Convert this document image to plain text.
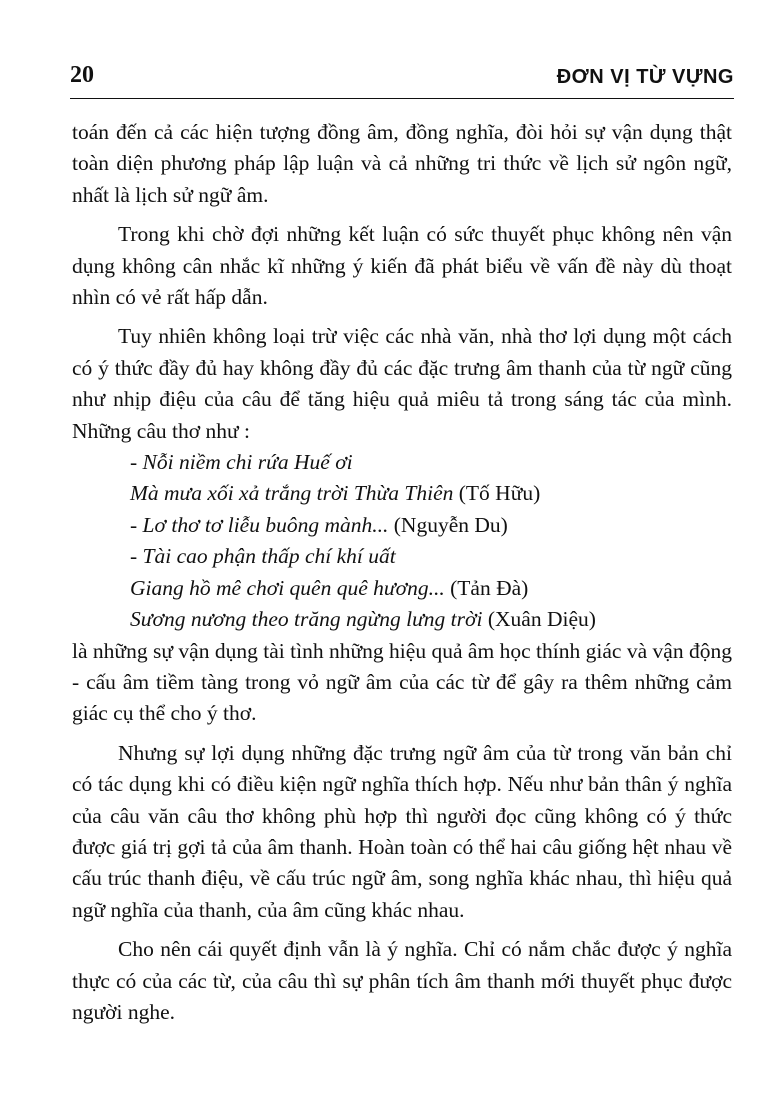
20	ĐƠN VỊ TỪ VỰNG

toán đến cả các hiện tượng đồng âm, đồng nghĩa, đòi hỏi sự vận dụng thật toàn diện phương pháp lập luận và cả những tri thức về lịch sử ngôn ngữ, nhất là lịch sử ngữ âm.

Trong khi chờ đợi những kết luận có sức thuyết phục không nên vận dụng không cân nhắc kĩ những ý kiến đã phát biểu về vấn đề này dù thoạt nhìn có vẻ rất hấp dẫn.

Tuy nhiên không loại trừ việc các nhà văn, nhà thơ lợi dụng một cách có ý thức đầy đủ hay không đầy đủ các đặc trưng âm thanh của từ ngữ cũng như nhịp điệu của câu để tăng hiệu quả miêu tả trong sáng tác của mình. Những câu thơ như :

- Nỗi niềm chi rứa Huế ơi
Mà mưa xối xả trắng trời Thừa Thiên (Tố Hữu)
- Lơ thơ tơ liễu buông mành... (Nguyễn Du)
- Tài cao phận thấp chí khí uất
Giang hồ mê chơi quên quê hương... (Tản Đà)
Sương nương theo trăng ngừng lưng trời (Xuân Diệu)

là những sự vận dụng tài tình những hiệu quả âm học thính giác và vận động - cấu âm tiềm tàng trong vỏ ngữ âm của các từ để gây ra thêm những cảm giác cụ thể cho ý thơ.

Nhưng sự lợi dụng những đặc trưng ngữ âm của từ trong văn bản chỉ có tác dụng khi có điều kiện ngữ nghĩa thích hợp. Nếu như bản thân ý nghĩa của câu văn câu thơ không phù hợp thì người đọc cũng không có ý thức được giá trị gợi tả của âm thanh. Hoàn toàn có thể hai câu giống hệt nhau về cấu trúc thanh điệu, về cấu trúc ngữ âm, song nghĩa khác nhau, thì hiệu quả ngữ nghĩa của thanh, của âm cũng khác nhau.

Cho nên cái quyết định vẫn là ý nghĩa. Chỉ có nắm chắc được ý nghĩa thực có của các từ, của câu thì sự phân tích âm thanh mới thuyết phục được người nghe.
